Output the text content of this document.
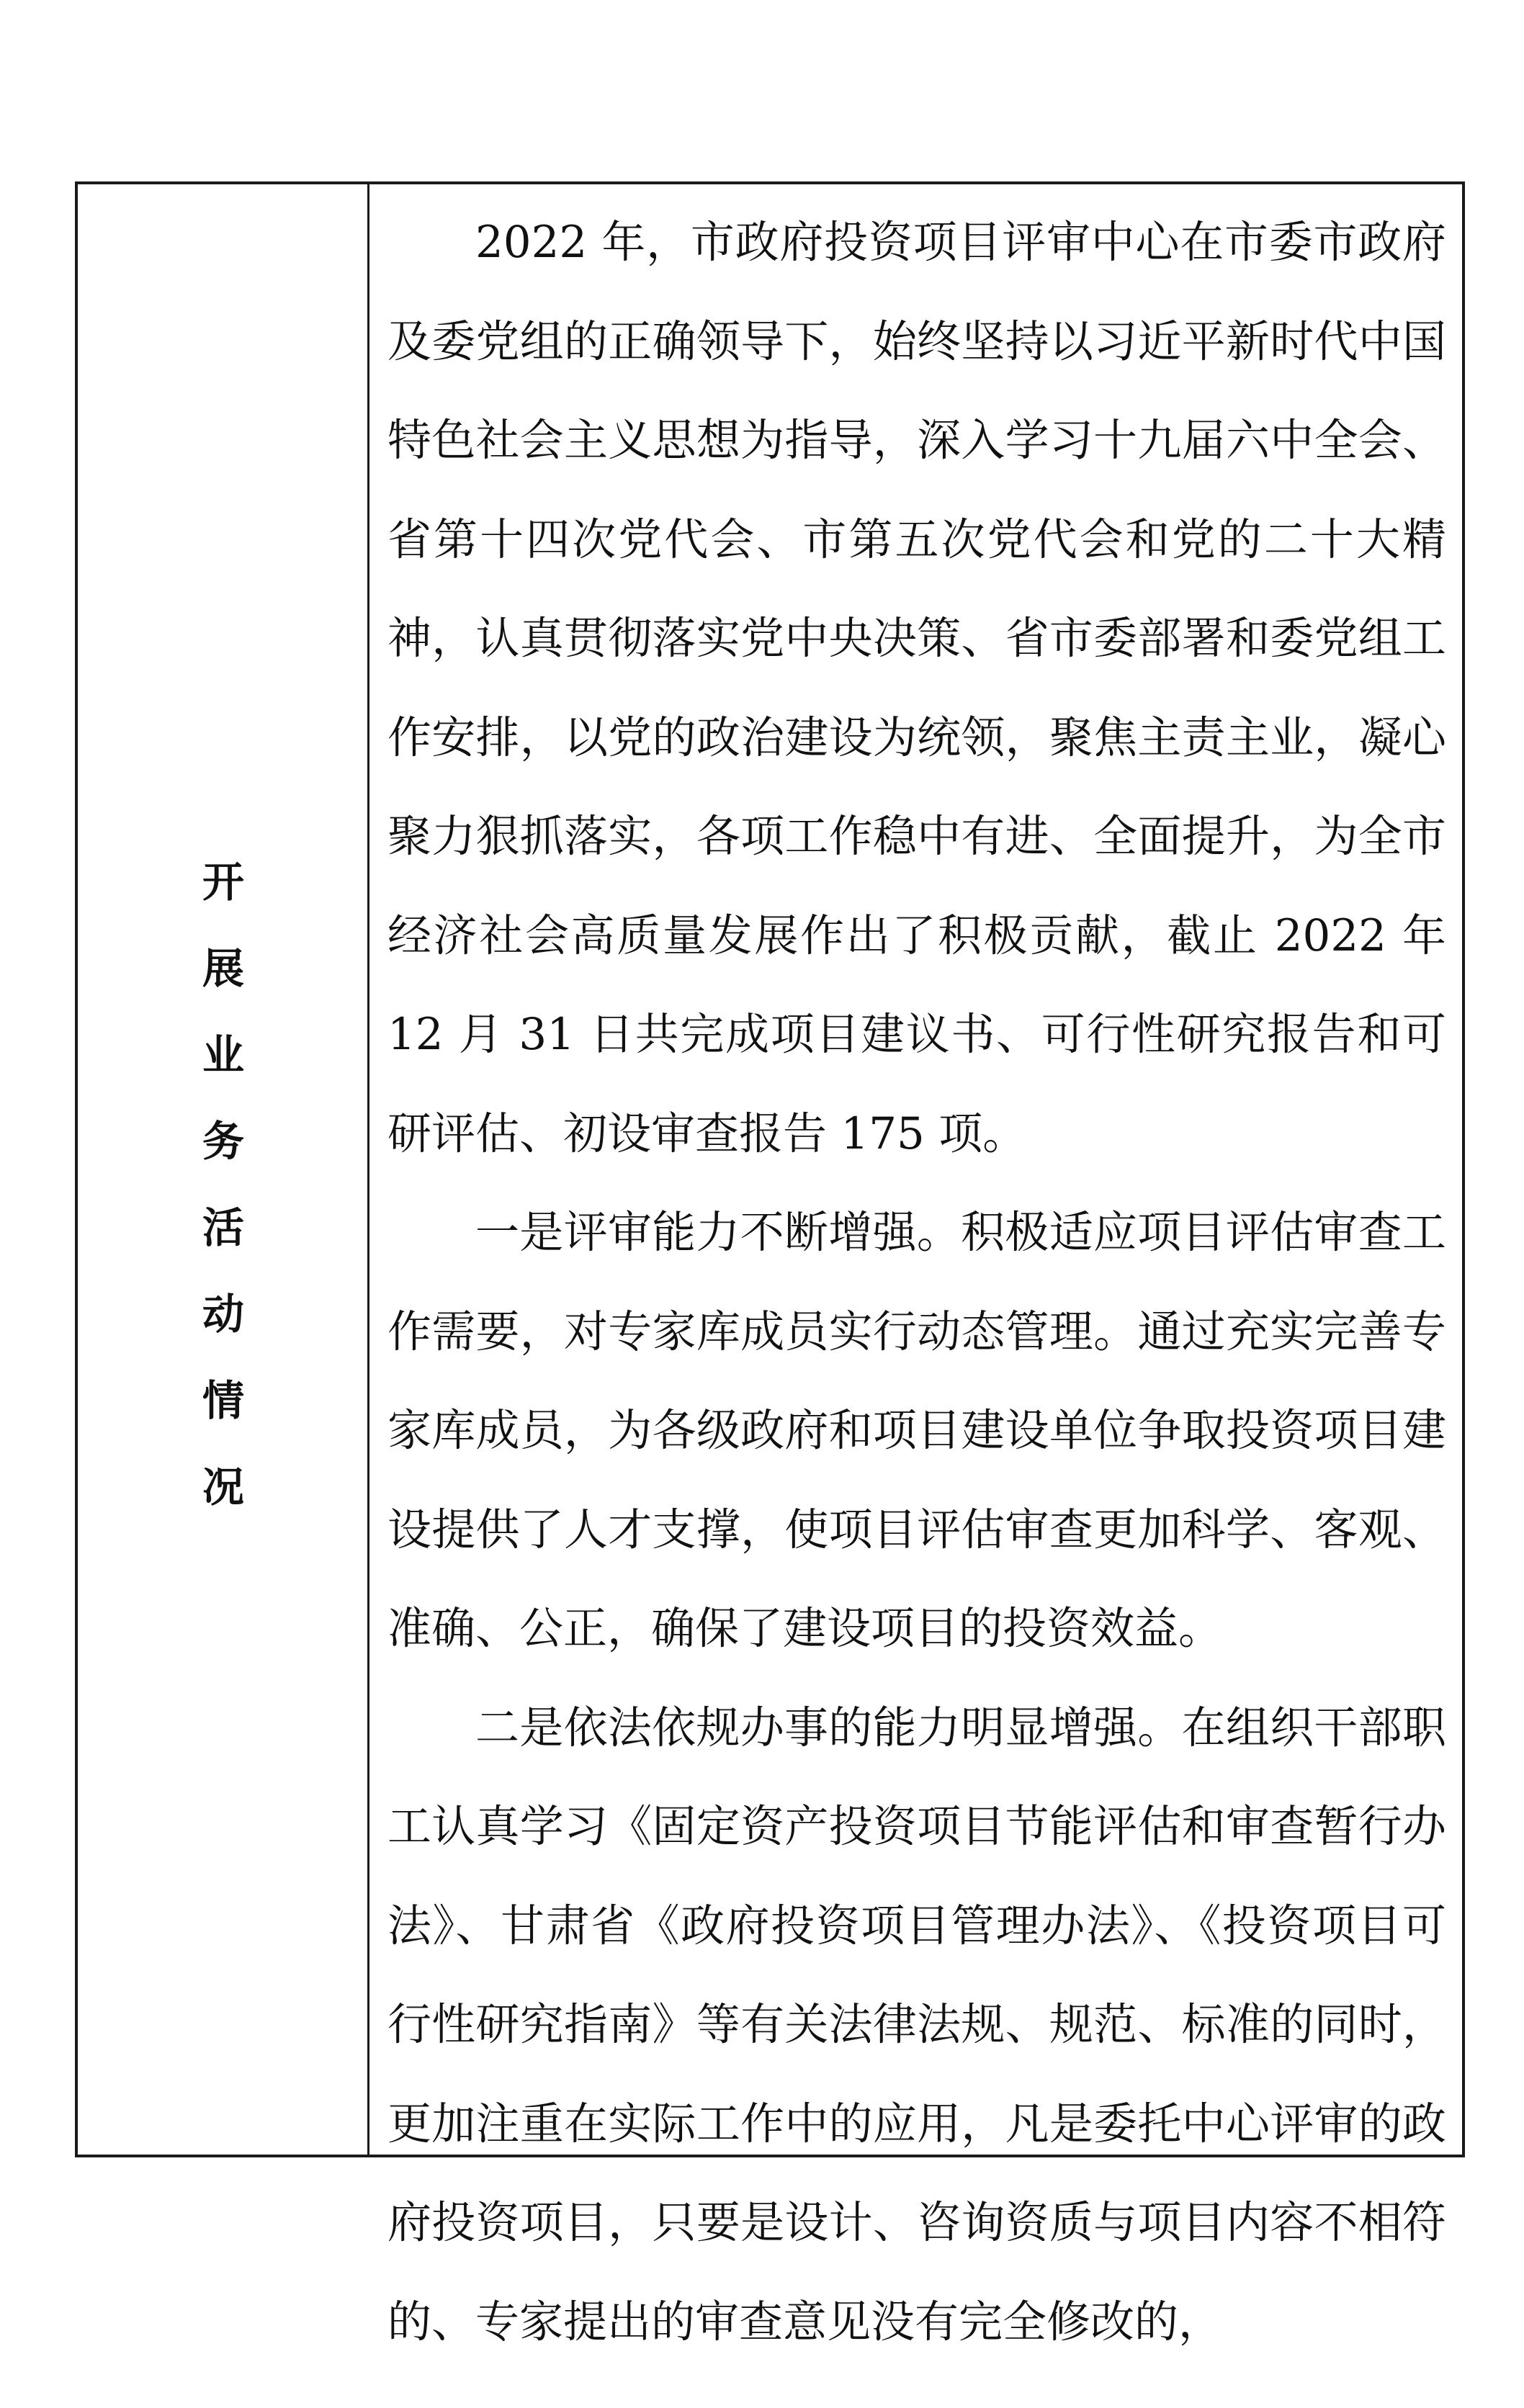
开
展
业
务
活
动
情
况

2022 年，市政府投资项目评审中心在市委市政府及委党组的正确领导下，始终坚持以习近平新时代中国特色社会主义思想为指导，深入学习十九届六中全会、省第十四次党代会、市第五次党代会和党的二十大精神，认真贯彻落实党中央决策、省市委部署和委党组工作安排，以党的政治建设为统领，聚焦主责主业，凝心聚力狠抓落实，各项工作稳中有进、全面提升，为全市经济社会高质量发展作出了积极贡献，截止 2022 年 12 月 31 日共完成项目建议书、可行性研究报告和可研评估、初设审查报告 175 项。

一是评审能力不断增强。积极适应项目评估审查工作需要，对专家库成员实行动态管理。通过充实完善专家库成员，为各级政府和项目建设单位争取投资项目建设提供了人才支撑，使项目评估审查更加科学、客观、准确、公正，确保了建设项目的投资效益。

二是依法依规办事的能力明显增强。在组织干部职工认真学习《固定资产投资项目节能评估和审查暂行办法》、甘肃省《政府投资项目管理办法》、《投资项目可行性研究指南》等有关法律法规、规范、标准的同时，更加注重在实际工作中的应用，凡是委托中心评审的政府投资项目，只要是设计、咨询资质与项目内容不相符的、专家提出的审查意见没有完全修改的，
